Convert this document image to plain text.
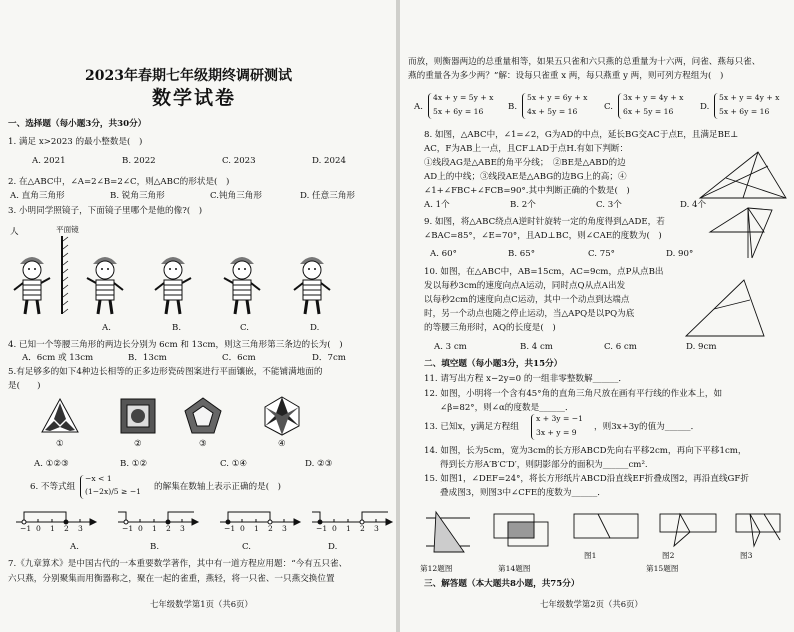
2023年春期七年级期终调研测试
数学试卷
一、选择题（每小题3分，共30分）
1. 满足 x>2023 的最小整数是(　)
A. 2021	B. 2022	C. 2023	D. 2024
2. 在△ABC中，∠A=2∠B=2∠C，则△ABC的形状是(　)
A. 直角三角形	B. 锐角三角形	C.钝角三角形	D. 任意三角形
3. 小明同学照镜子，下面镜子里哪个是他的像?(　)
人	平面镜
A.	B.	C.	D.
4. 已知一个等腰三角形的两边长分别为 6cm 和 13cm，则这三角形第三条边的长为(　)
A．6cm 或 13cm	B．13cm	C．6cm	D．7cm
5.有足够多的如下4种边长相等的正多边形瓷砖图案进行平面镶嵌，不能铺满地面的
是(　　)
①	②	③	④
A. ①②③	B. ①②	C. ①④	D. ②③
6. 不等式组
−x < 1
(1−2x)/5 ≥ −1 的解集在数轴上表示正确的是(　)
−1 0 1 2 3	−1 0 1 2 3	−1 0 1 2 3	−1 0 1 2 3
A.	B.	C.	D.
7.《九章算术》是中国古代的一本重要数学著作，其中有一道方程应用题：“今有五只雀、
六只燕，分别聚集而用衡器称之，聚在一起的雀重，燕轻，将一只雀、一只燕交换位置
七年级数学第1页（共6页）
而放，则衡器两边的总重量相等，如果五只雀和六只燕的总重量为十六两，问雀、燕每只雀、
燕的重量各为多少两？”解：设每只雀重 x 两，每只燕重 y 两，则可列方程组为(　)
A.
4x + y = 5y + x
5x + 6y = 16	B.
5x + y = 6y + x
4x + 5y = 16	C.
3x + y = 4y + x
6x + 5y = 16	D.
5x + y = 4y + x
5x + 6y = 16
8. 如图，△ABC中，∠1=∠2，G为AD的中点，延长BG交AC于点E，且满足BE⊥
AC，F为AB上一点，且CF⊥AD于点H.有如下判断：
①线段AG是△ABE的角平分线；　②BE是△ABD的边
AD上的中线；③线段AE是△ABG的边BG上的高；④
∠1+∠FBC+∠FCB=90°.其中判断正确的个数是(　)
A. 1个	B. 2个	C. 3个	D. 4个
9. 如图，将△ABC绕点A逆时针旋转一定的角度得到△ADE，若
∠BAC=85°，∠E=70°，且AD⊥BC，则∠CAE的度数为(　)
A. 60°	B. 65°	C. 75°	D. 90°
10. 如图，在△ABC中，AB=15cm，AC=9cm，点P从点B出
发以每秒3cm的速度向点A运动，同时点Q从点A出发
以每秒2cm的速度向点C运动，其中一个动点到达端点
时，另一个动点也随之停止运动，当△APQ是以PQ为底
的等腰三角形时，AQ的长度是(　)
A. 3 cm	B. 4 cm	C. 6 cm	D. 9cm
二、填空题（每小题3分，共15分）
11. 请写出方程 x−2y=0 的一组非零整数解______．
12. 如图，小明将一个含有45°角的直角三角尺放在画有平行线的作业本上，如
∠β=82°，则∠α的度数是______．
13. 已知x，y满足方程组
x + 3y = −1
3x + y = 9
，则3x+3y的值为______．
14. 如图，长为5cm，宽为3cm的长方形ABCD先向右平移2cm，再向下平移1cm，
得到长方形A′B′C′D′，则阴影部分的面积为______cm².
15. 如图1，∠DEF=24°，将长方形纸片ABCD沿直线EF折叠成图2，再沿直线GF折
叠成图3，则图3中∠CFE的度数为______．
第12题图	第14题图
图1	图2	图3
第15题图
三、解答题（本大题共8小题，共75分）
七年级数学第2页（共6页）
